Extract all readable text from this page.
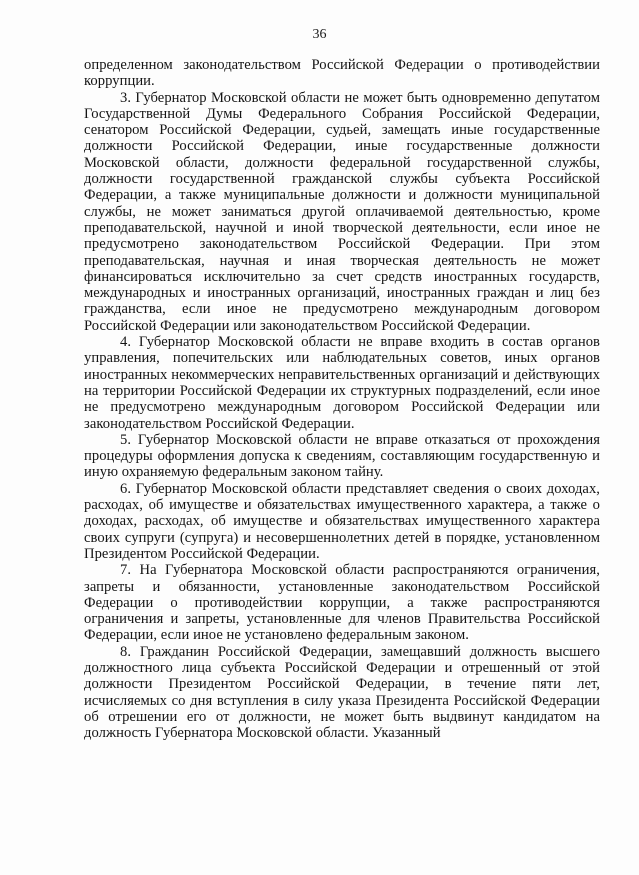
36

определенном законодательством Российской Федерации о противодействии коррупции.

3. Губернатор Московской области не может быть одновременно депутатом Государственной Думы Федерального Собрания Российской Федерации, сенатором Российской Федерации, судьей, замещать иные государственные должности Российской Федерации, иные государственные должности Московской области, должности федеральной государственной службы, должности государственной гражданской службы субъекта Российской Федерации, а также муниципальные должности и должности муниципальной службы, не может заниматься другой оплачиваемой деятельностью, кроме преподавательской, научной и иной творческой деятельности, если иное не предусмотрено законодательством Российской Федерации. При этом преподавательская, научная и иная творческая деятельность не может финансироваться исключительно за счет средств иностранных государств, международных и иностранных организаций, иностранных граждан и лиц без гражданства, если иное не предусмотрено международным договором Российской Федерации или законодательством Российской Федерации.

4. Губернатор Московской области не вправе входить в состав органов управления, попечительских или наблюдательных советов, иных органов иностранных некоммерческих неправительственных организаций и действующих на территории Российской Федерации их структурных подразделений, если иное не предусмотрено международным договором Российской Федерации или законодательством Российской Федерации.

5. Губернатор Московской области не вправе отказаться от прохождения процедуры оформления допуска к сведениям, составляющим государственную и иную охраняемую федеральным законом тайну.

6. Губернатор Московской области представляет сведения о своих доходах, расходах, об имуществе и обязательствах имущественного характера, а также о доходах, расходах, об имуществе и обязательствах имущественного характера своих супруги (супруга) и несовершеннолетних детей в порядке, установленном Президентом Российской Федерации.

7. На Губернатора Московской области распространяются ограничения, запреты и обязанности, установленные законодательством Российской Федерации о противодействии коррупции, а также распространяются ограничения и запреты, установленные для членов Правительства Российской Федерации, если иное не установлено федеральным законом.

8. Гражданин Российской Федерации, замещавший должность высшего должностного лица субъекта Российской Федерации и отрешенный от этой должности Президентом Российской Федерации, в течение пяти лет, исчисляемых со дня вступления в силу указа Президента Российской Федерации об отрешении его от должности, не может быть выдвинут кандидатом на должность Губернатора Московской области. Указанный
